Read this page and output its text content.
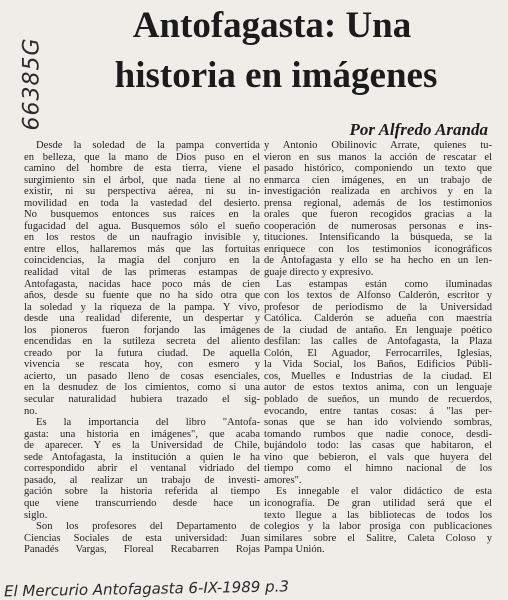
66385G
Antofagasta: Una
historia en imágenes
Por Alfredo Aranda
Desde la soledad de la pampa convertida
en belleza, que la mano de Dios puso en el
camino del hombre de esta tierra, viene el
surgimiento sin el árbol, que nada tiene al no
existir, ni su perspectiva aérea, ni su in-
movilidad en toda la vastedad del desierto.
No busquemos entonces sus raíces en la
fugacidad del agua. Busquemos sólo el sueño
en los restos de un naufragio invisible y,
entre ellos, hallaremos más que las fortuitas
coincidencias, la magia del conjuro en la
realidad vital de las primeras estampas de
Antofagasta, nacidas hace poco más de cien
años, desde su fuente que no ha sido otra que
la soledad y la riqueza de la pampa. Y vivo,
desde una realidad diferente, un despertar y
los pioneros fueron forjando las imágenes
encendidas en la sutileza secreta del aliento
creado por la futura ciudad. De aquella
vivencia se rescata hoy, con esmero y
acierto, un pasado lleno de cosas esenciales,
en la desnudez de los cimientos, como si una
secular naturalidad hubiera trazado el sig-
no.
Es la importancia del libro "Antofa-
gasta: una historia en imágenes", que acaba
de aparecer. Y es la Universidad de Chile,
sede Antofagasta, la institución a quien le ha
correspondido abrir el ventanal vidriado del
pasado, al realizar un trabajo de investi-
gación sobre la historia referida al tiempo
que viene transcurriendo desde hace un
siglo.
Son los profesores del Departamento de
Ciencias Sociales de esta universidad: Juan
Panadés Vargas, Floreal Recabarren Rojas
y Antonio Obilinovic Arrate, quienes tu-
vieron en sus manos la acción de rescatar el
pasado histórico, componiendo un texto que
enmarca cien imágenes, en un trabajo de
investigación realizada en archivos y en la
prensa regional, además de los testimonios
orales que fueron recogidos gracias a la
cooperación de numerosas personas e ins-
tituciones. Intensificando la búsqueda, se la
enriquece con los testimonios iconográficos
de Antofagasta y ello se ha hecho en un len-
guaje directo y expresivo.
Las estampas están como iluminadas
con los textos de Alfonso Calderón, escritor y
profesor de periodismo de la Universidad
Católica. Calderón se adueña con maestría
de la ciudad de antaño. En lenguaje poético
desfilan: las calles de Antofagasta, la Plaza
Colón, El Aguador, Ferrocarriles, Iglesias,
la Vida Social, los Baños, Edificios Públi-
cos, Muelles e Industrias de la ciudad. El
autor de estos textos anima, con un lenguaje
poblado de sueños, un mundo de recuerdos,
evocando, entre tantas cosas: á "las per-
sonas que se han ido volviendo sombras,
tomando rumbos que nadie conoce, desdi-
bujándolo todo: las casas que habitaron, el
vino que bebieron, el vals que huyera del
tiempo como el himno nacional de los
amores".
Es innegable el valor didáctico de esta
iconografía. De gran utilidad será que el
texto llegue a las bibliotecas de todos los
colegios y la labor prosiga con publicaciones
similares sobre el Salitre, Caleta Coloso y
Pampa Unión.
El Mercurio Antofagasta 6-IX-1989 p.3
